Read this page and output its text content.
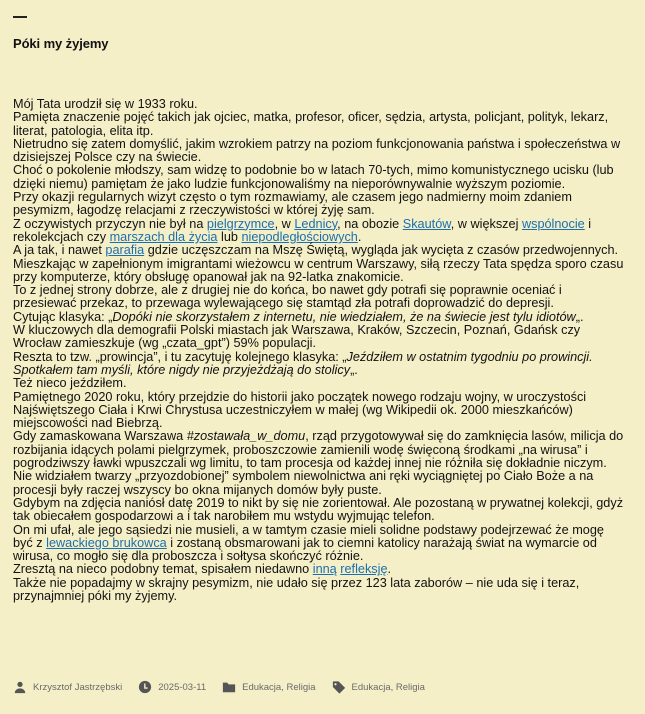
Póki my żyjemy

Mój Tata urodził się w 1933 roku.

Pamięta znaczenie pojęć takich jak ojciec, matka, profesor, oficer, sędzia, artysta, policjant, polityk, lekarz, literat, patologia, elita itp.

Nietrudno się zatem domyślić, jakim wzrokiem patrzy na poziom funkcjonowania państwa i społeczeństwa w dzisiejszej Polsce czy na świecie.

Choć o pokolenie młodszy, sam widzę to podobnie bo w latach 70-tych, mimo komunistycznego ucisku (lub dzięki niemu) pamiętam że jako ludzie funkcjonowaliśmy na nieporównywalnie wyższym poziomie.

Przy okazji regularnych wizyt często o tym rozmawiamy, ale czasem jego nadmierny moim zdaniem pesymizm, łagodzę relacjami z rzeczywistości w której żyję sam.

Z oczywistych przyczyn nie był na pielgrzymce, w Lednicy, na obozie Skautów, w większej wspólnocie i rekolekcjach czy marszach dla życia lub niepodległościowych.

A ja tak, i nawet parafia gdzie uczęszczam na Mszę Świętą, wygląda jak wycięta z czasów przedwojennych.

Mieszkając w zapełnionym imigrantami wieżowcu w centrum Warszawy, siłą rzeczy Tata spędza sporo czasu przy komputerze, który obsługę opanował jak na 92-latka znakomicie.

To z jednej strony dobrze, ale z drugiej nie do końca, bo nawet gdy potrafi się poprawnie oceniać i przesiewać przekaz, to przewaga wylewającego się stamtąd zła potrafi doprowadzić do depresji.

Cytując klasyka: „Dopóki nie skorzystałem z internetu, nie wiedziałem, że na świecie jest tylu idiotów„.

W kluczowych dla demografii Polski miastach jak Warszawa, Kraków, Szczecin, Poznań, Gdańsk czy Wrocław zamieszkuje (wg „czata_gpt”) 59% populacji.

Reszta to tzw. „prowincja”, i tu zacytuję kolejnego klasyka: „Jeździłem w ostatnim tygodniu po prowincji. Spotkałem tam myśli, które nigdy nie przyjeżdżają do stolicy„.

Też nieco jeździłem.

Pamiętnego 2020 roku, który przejdzie do historii jako początek nowego rodzaju wojny, w uroczystości Najświętszego Ciała i Krwi Chrystusa uczestniczyłem w małej (wg Wikipedii ok. 2000 mieszkańców) miejscowości nad Biebrzą.

Gdy zamaskowana Warszawa #zostawała_w_domu, rząd przygotowywał się do zamknięcia lasów, milicja do rozbijania idących polami pielgrzymek, proboszczowie zamienili wodę święconą środkami „na wirusa” i pogrodziwszy ławki wpuszczali wg limitu, to tam procesja od każdej innej nie różniła się dokładnie niczym.

Nie widziałem twarzy „przyozdobionej” symbolem niewolnictwa ani ręki wyciągniętej po Ciało Boże a na procesji były raczej wszyscy bo okna mijanych domów były puste.

Gdybym na zdjęcia naniósł datę 2019 to nikt by się nie zorientował. Ale pozostaną w prywatnej kolekcji, gdyż tak obiecałem gospodarzowi a i tak narobiłem mu wstydu wyjmując telefon.

On mi ufał, ale jego sąsiedzi nie musieli, a w tamtym czasie mieli solidne podstawy podejrzewać że mogę być z lewackiego brukowca i zostaną obsmarowani jak to ciemni katolicy narażają świat na wymarcie od wirusa, co mogło się dla proboszcza i sołtysa skończyć różnie.

Zresztą na nieco podobny temat, spisałem niedawno inną refleksję.

Także nie popadajmy w skrajny pesymizm, nie udało się przez 123 lata zaborów – nie uda się i teraz, przynajmniej póki my żyjemy.

Krzysztof Jastrzębski	2025-03-11	Edukacja, Religia	Edukacja, Religia
